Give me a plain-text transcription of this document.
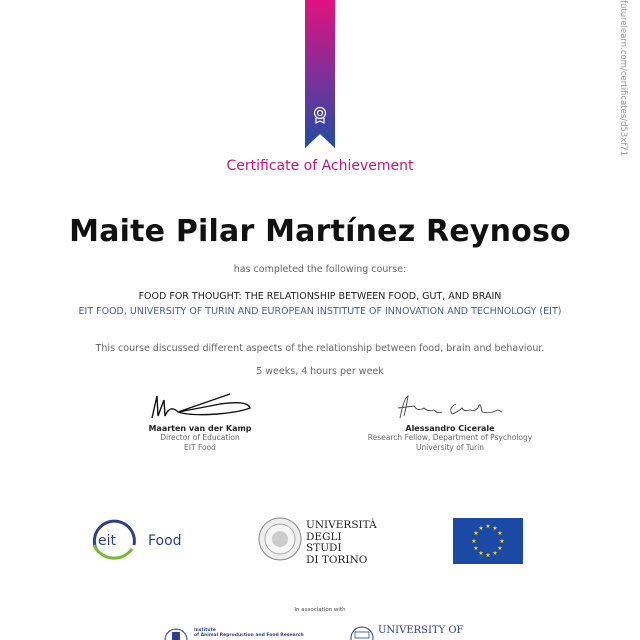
futurelearn.com/certificates/d53xf71
Certificate of Achievement
Maite Pilar Martínez Reynoso
has completed the following course:
FOOD FOR THOUGHT: THE RELATIONSHIP BETWEEN FOOD, GUT, AND BRAIN
EIT FOOD, UNIVERSITY OF TURIN AND EUROPEAN INSTITUTE OF INNOVATION AND TECHNOLOGY (EIT)
This course discussed different aspects of the relationship between food, brain and behaviour.
5 weeks, 4 hours per week
Maarten van der Kamp
Director of Education
EIT Food
Alessandro Cicerale
Research Fellow, Department of Psychology
University of Turin
eit Food
UNIVERSITÀ
DEGLI STUDI
DI TORINO
★ ★
★
★
★
★
★
★
★
★
★
★
In association with
Institute
of Animal Reproduction and Food Research	UNIVERSITY OF
